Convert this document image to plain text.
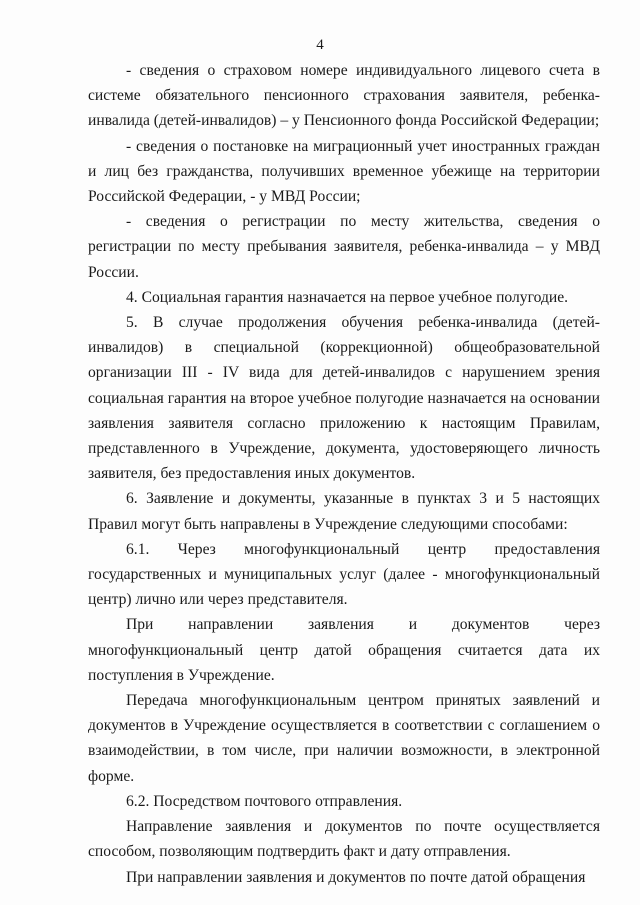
4

- сведения о страховом номере индивидуального лицевого счета в системе обязательного пенсионного страхования заявителя, ребенка-инвалида (детей-инвалидов) – у Пенсионного фонда Российской Федерации;

- сведения о постановке на миграционный учет иностранных граждан и лиц без гражданства, получивших временное убежище на территории Российской Федерации, - у МВД России;

- сведения о регистрации по месту жительства, сведения о регистрации по месту пребывания заявителя, ребенка-инвалида – у МВД России.

4. Социальная гарантия назначается на первое учебное полугодие.

5. В случае продолжения обучения ребенка-инвалида (детей-инвалидов) в специальной (коррекционной) общеобразовательной организации III - IV вида для детей-инвалидов с нарушением зрения социальная гарантия на второе учебное полугодие назначается на основании заявления заявителя согласно приложению к настоящим Правилам, представленного в Учреждение, документа, удостоверяющего личность заявителя, без предоставления иных документов.

6. Заявление и документы, указанные в пунктах 3 и 5 настоящих Правил могут быть направлены в Учреждение следующими способами:

6.1. Через многофункциональный центр предоставления государственных и муниципальных услуг (далее - многофункциональный центр) лично или через представителя.

При направлении заявления и документов через многофункциональный центр датой обращения считается дата их поступления в Учреждение.

Передача многофункциональным центром принятых заявлений и документов в Учреждение осуществляется в соответствии с соглашением о взаимодействии, в том числе, при наличии возможности, в электронной форме.

6.2. Посредством почтового отправления.

Направление заявления и документов по почте осуществляется способом, позволяющим подтвердить факт и дату отправления.

При направлении заявления и документов по почте датой обращения
